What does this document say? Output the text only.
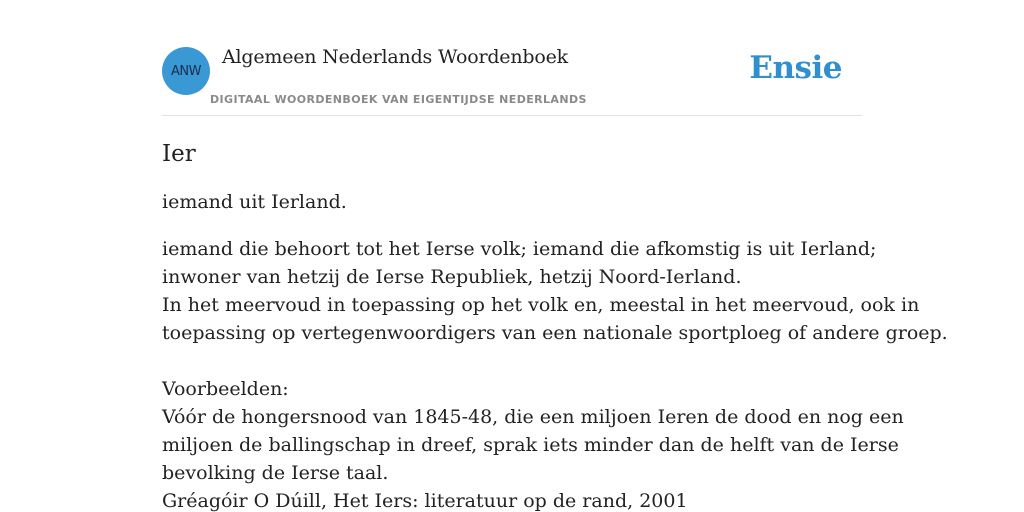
ANW
Algemeen Nederlands Woordenboek
DIGITAAL WOORDENBOEK VAN EIGENTIJDSE NEDERLANDS
Ensie
Ier

iemand uit Ierland.

iemand die behoort tot het Ierse volk; iemand die afkomstig is uit Ierland;
inwoner van hetzij de Ierse Republiek, hetzij Noord-Ierland.
In het meervoud in toepassing op het volk en, meestal in het meervoud, ook in
toepassing op vertegenwoordigers van een nationale sportploeg of andere groep.
Voorbeelden:
Vóór de hongersnood van 1845-48, die een miljoen Ieren de dood en nog een
miljoen de ballingschap in dreef, sprak iets minder dan de helft van de Ierse
bevolking de Ierse taal.
Gréagóir O Dúill, Het Iers: literatuur op de rand, 2001
